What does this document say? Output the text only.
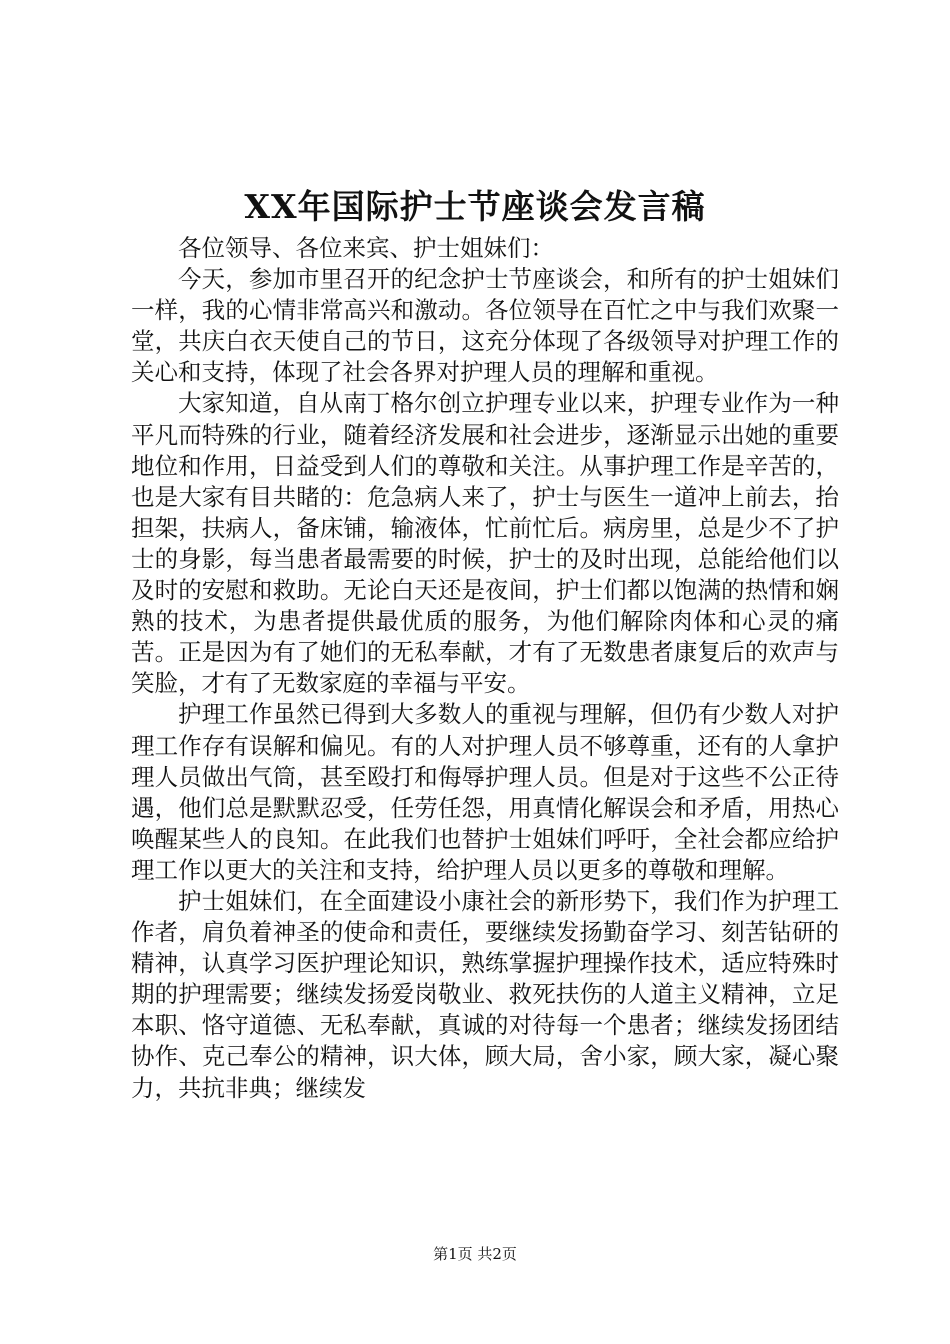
XX年国际护士节座谈会发言稿

各位领导、各位来宾、护士姐妹们：

今天，参加市里召开的纪念护士节座谈会，和所有的护士姐妹们一样，我的心情非常高兴和激动。各位领导在百忙之中与我们欢聚一堂，共庆白衣天使自己的节日，这充分体现了各级领导对护理工作的关心和支持，体现了社会各界对护理人员的理解和重视。

大家知道，自从南丁格尔创立护理专业以来，护理专业作为一种平凡而特殊的行业，随着经济发展和社会进步，逐渐显示出她的重要地位和作用，日益受到人们的尊敬和关注。从事护理工作是辛苦的，也是大家有目共睹的：危急病人来了，护士与医生一道冲上前去，抬担架，扶病人，备床铺，输液体，忙前忙后。病房里，总是少不了护士的身影，每当患者最需要的时候，护士的及时出现，总能给他们以及时的安慰和救助。无论白天还是夜间，护士们都以饱满的热情和娴熟的技术，为患者提供最优质的服务，为他们解除肉体和心灵的痛苦。正是因为有了她们的无私奉献，才有了无数患者康复后的欢声与笑脸，才有了无数家庭的幸福与平安。

护理工作虽然已得到大多数人的重视与理解，但仍有少数人对护理工作存有误解和偏见。有的人对护理人员不够尊重，还有的人拿护理人员做出气筒，甚至殴打和侮辱护理人员。但是对于这些不公正待遇，他们总是默默忍受，任劳任怨，用真情化解误会和矛盾，用热心唤醒某些人的良知。在此我们也替护士姐妹们呼吁，全社会都应给护理工作以更大的关注和支持，给护理人员以更多的尊敬和理解。

护士姐妹们，在全面建设小康社会的新形势下，我们作为护理工作者，肩负着神圣的使命和责任，要继续发扬勤奋学习、刻苦钻研的精神，认真学习医护理论知识，熟练掌握护理操作技术，适应特殊时期的护理需要；继续发扬爱岗敬业、救死扶伤的人道主义精神，立足本职、恪守道德、无私奉献，真诚的对待每一个患者；继续发扬团结协作、克己奉公的精神，识大体，顾大局，舍小家，顾大家，凝心聚力，共抗非典；继续发

第1页 共2页
